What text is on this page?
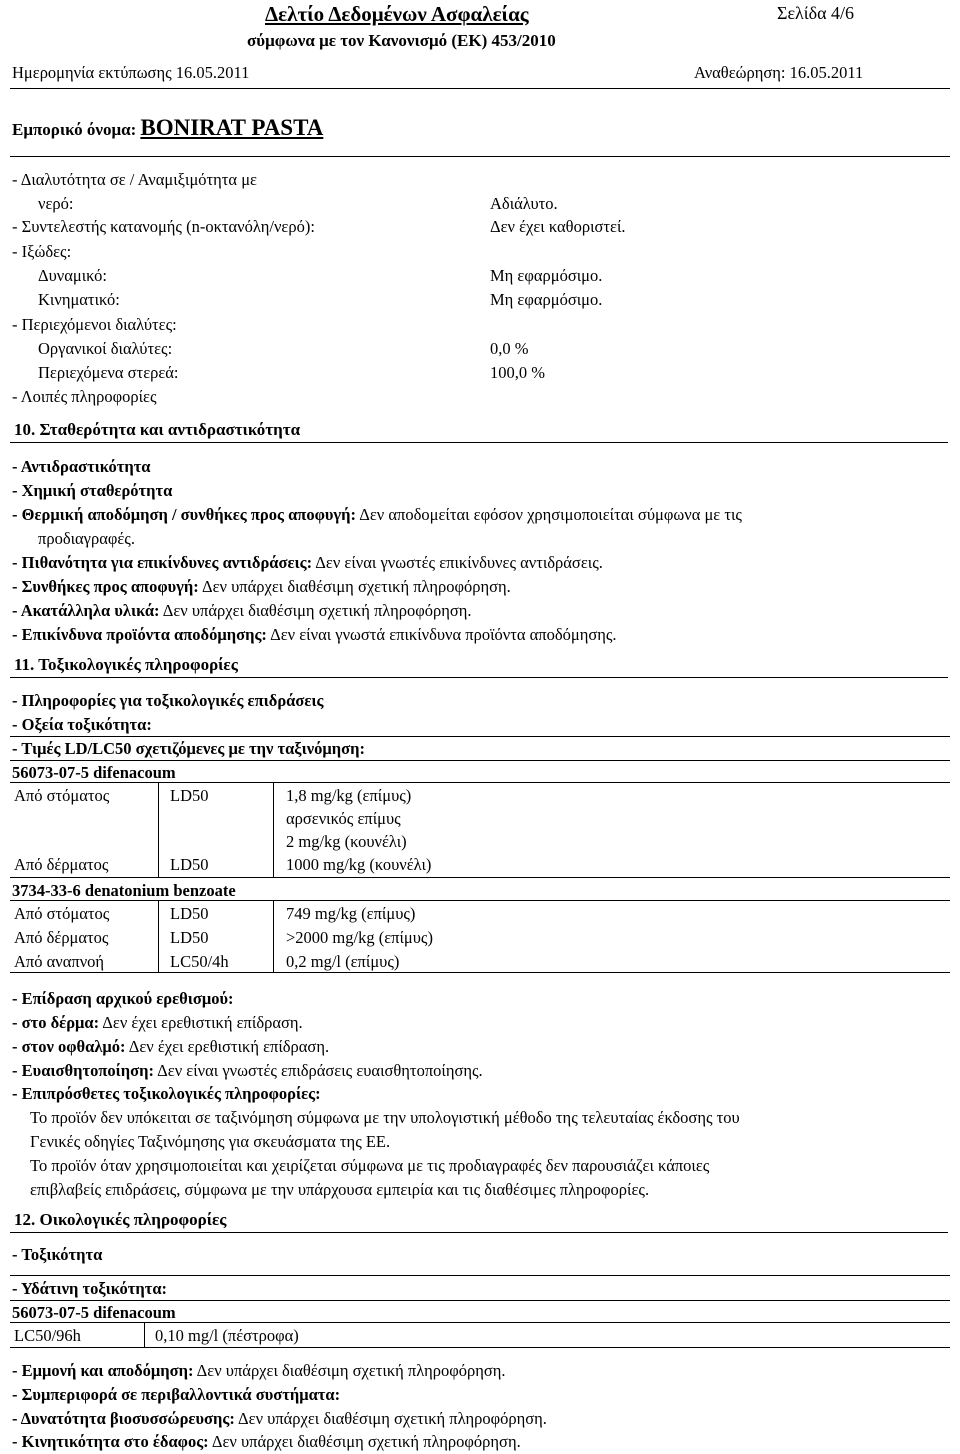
Δελτίο Δεδομένων Ασφαλείας	Σελίδα 4/6
σύμφωνα με τον Κανονισμό (ΕΚ) 453/2010
Ημερομηνία εκτύπωσης 16.05.2011	Αναθεώρηση: 16.05.2011
Εμπορικό όνομα: BONIRAT PASTA
- Διαλυτότητα σε / Αναμιξιμότητα με
νερό:	Αδιάλυτο.
- Συντελεστής κατανομής (n-οκτανόλη/νερό):	Δεν έχει καθοριστεί.
- Ιξώδες:
Δυναμικό:	Μη εφαρμόσιμο.
Κινηματικό:	Μη εφαρμόσιμο.
- Περιεχόμενοι διαλύτες:
Οργανικοί διαλύτες:	0,0 %
Περιεχόμενα στερεά:	100,0 %
- Λοιπές πληροφορίες
10. Σταθερότητα και αντιδραστικότητα
- Αντιδραστικότητα
- Χημική σταθερότητα
- Θερμική αποδόμηση / συνθήκες προς αποφυγή: Δεν αποδομείται εφόσον χρησιμοποιείται σύμφωνα με τις
προδιαγραφές.
- Πιθανότητα για επικίνδυνες αντιδράσεις: Δεν είναι γνωστές επικίνδυνες αντιδράσεις.
- Συνθήκες προς αποφυγή: Δεν υπάρχει διαθέσιμη σχετική πληροφόρηση.
- Ακατάλληλα υλικά: Δεν υπάρχει διαθέσιμη σχετική πληροφόρηση.
- Επικίνδυνα προϊόντα αποδόμησης: Δεν είναι γνωστά επικίνδυνα προϊόντα αποδόμησης.
11. Τοξικολογικές πληροφορίες
- Πληροφορίες για τοξικολογικές επιδράσεις
- Οξεία τοξικότητα:
- Τιμές LD/LC50 σχετιζόμενες με την ταξινόμηση:
56073-07-5 difenacoum
Από στόματος	LD50	1,8 mg/kg (επίμυς)
αρσενικός επίμυς
2 mg/kg (κουνέλι)
Από δέρματος	LD50	1000 mg/kg (κουνέλι)
3734-33-6 denatonium benzoate
Από στόματος	LD50	749 mg/kg (επίμυς)
Από δέρματος	LD50	>2000 mg/kg (επίμυς)
Από αναπνοή	LC50/4h	0,2 mg/l (επίμυς)
- Επίδραση αρχικού ερεθισμού:
- στο δέρμα: Δεν έχει ερεθιστική επίδραση.
- στον οφθαλμό: Δεν έχει ερεθιστική επίδραση.
- Ευαισθητοποίηση: Δεν είναι γνωστές επιδράσεις ευαισθητοποίησης.
- Επιπρόσθετες τοξικολογικές πληροφορίες:
Το προϊόν δεν υπόκειται σε ταξινόμηση σύμφωνα με την υπολογιστική μέθοδο της τελευταίας έκδοσης του
Γενικές οδηγίες Ταξινόμησης για σκευάσματα της ΕΕ.
Το προϊόν όταν χρησιμοποιείται και χειρίζεται σύμφωνα με τις προδιαγραφές δεν παρουσιάζει κάποιες
επιβλαβείς επιδράσεις, σύμφωνα με την υπάρχουσα εμπειρία και τις διαθέσιμες πληροφορίες.
12. Οικολογικές πληροφορίες
- Τοξικότητα
- Υδάτινη τοξικότητα:
56073-07-5 difenacoum
LC50/96h	0,10 mg/l (πέστροφα)
- Εμμονή και αποδόμηση: Δεν υπάρχει διαθέσιμη σχετική πληροφόρηση.
- Συμπεριφορά σε περιβαλλοντικά συστήματα:
- Δυνατότητα βιοσυσσώρευσης: Δεν υπάρχει διαθέσιμη σχετική πληροφόρηση.
- Κινητικότητα στο έδαφος: Δεν υπάρχει διαθέσιμη σχετική πληροφόρηση.
